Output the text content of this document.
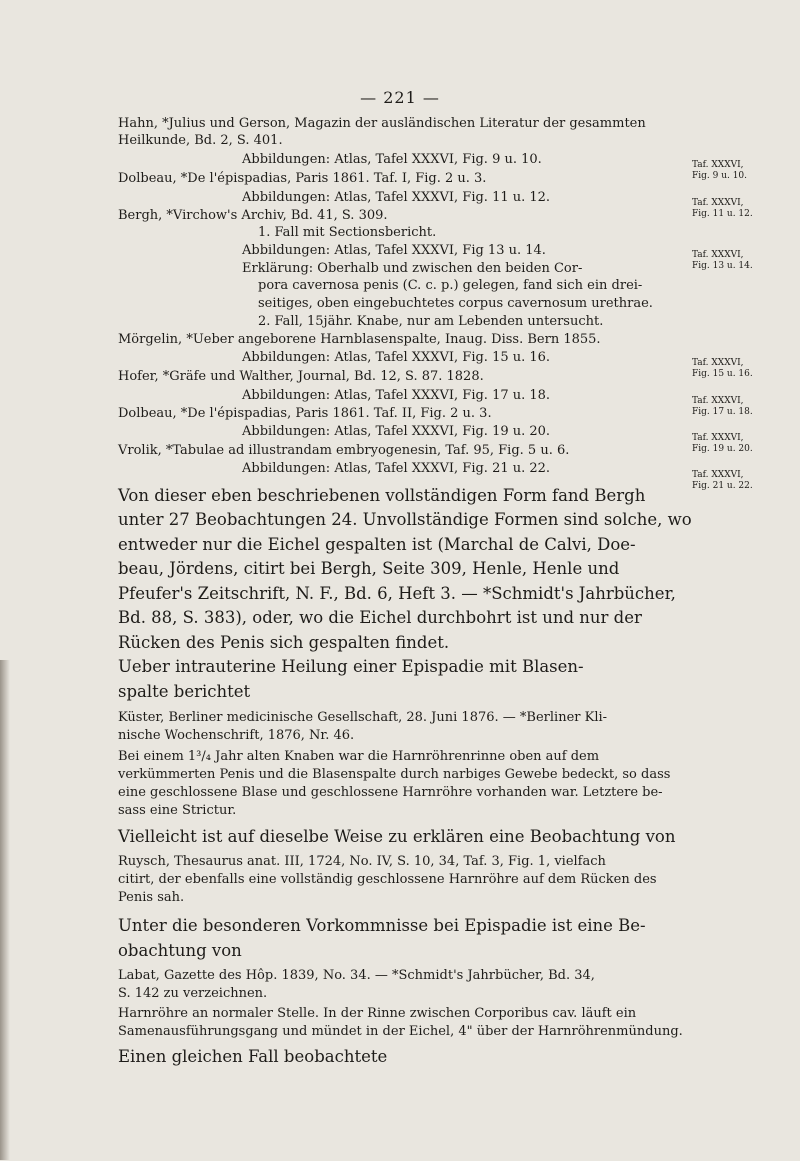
— 221 —
Hahn, *Julius und Gerson, Magazin der ausländischen Literatur der gesammten
Heilkunde, Bd. 2, S. 401.
Abbildungen: Atlas, Tafel XXXVI, Fig. 9 u. 10.
Dolbeau, *De l'épispadias, Paris 1861. Taf. I, Fig. 2 u. 3.
Abbildungen: Atlas, Tafel XXXVI, Fig. 11 u. 12.
Bergh, *Virchow's Archiv, Bd. 41, S. 309.
1. Fall mit Sectionsbericht.
Abbildungen: Atlas, Tafel XXXVI, Fig 13 u. 14.
Erklärung: Oberhalb und zwischen den beiden Cor-
pora cavernosa penis (C. c. p.) gelegen, fand sich ein drei-
seitiges, oben eingebuchtetes corpus cavernosum urethrae.
2. Fall, 15jähr. Knabe, nur am Lebenden untersucht.
Mörgelin, *Ueber angeborene Harnblasenspalte, Inaug. Diss. Bern 1855.
Abbildungen: Atlas, Tafel XXXVI, Fig. 15 u. 16.
Hofer, *Gräfe und Walther, Journal, Bd. 12, S. 87. 1828.
Abbildungen: Atlas, Tafel XXXVI, Fig. 17 u. 18.
Dolbeau, *De l'épispadias, Paris 1861. Taf. II, Fig. 2 u. 3.
Abbildungen: Atlas, Tafel XXXVI, Fig. 19 u. 20.
Vrolik, *Tabulae ad illustrandam embryogenesin, Taf. 95, Fig. 5 u. 6.
Abbildungen: Atlas, Tafel XXXVI, Fig. 21 u. 22.
Von dieser eben beschriebenen vollständigen Form fand Bergh
unter 27 Beobachtungen 24. Unvollständige Formen sind solche, wo
entweder nur die Eichel gespalten ist (Marchal de Calvi, Doe-
beau, Jördens, citirt bei Bergh, Seite 309, Henle, Henle und
Pfeufer's Zeitschrift, N. F., Bd. 6, Heft 3. — *Schmidt's Jahrbücher,
Bd. 88, S. 383), oder, wo die Eichel durchbohrt ist und nur der
Rücken des Penis sich gespalten findet.
Ueber intrauterine Heilung einer Epispadie mit Blasen-
spalte berichtet
Küster, Berliner medicinische Gesellschaft, 28. Juni 1876. — *Berliner Kli-
nische Wochenschrift, 1876, Nr. 46.
Bei einem 1³/₄ Jahr alten Knaben war die Harnröhrenrinne oben auf dem
verkümmerten Penis und die Blasenspalte durch narbiges Gewebe bedeckt, so dass
eine geschlossene Blase und geschlossene Harnröhre vorhanden war. Letztere be-
sass eine Strictur.
Vielleicht ist auf dieselbe Weise zu erklären eine Beobachtung von
Ruysch, Thesaurus anat. III, 1724, No. IV, S. 10, 34, Taf. 3, Fig. 1, vielfach
citirt, der ebenfalls eine vollständig geschlossene Harnröhre auf dem Rücken des
Penis sah.
Unter die besonderen Vorkommnisse bei Epispadie ist eine Be-
obachtung von
Labat, Gazette des Hôp. 1839, No. 34. — *Schmidt's Jahrbücher, Bd. 34,
S. 142 zu verzeichnen.
Harnröhre an normaler Stelle. In der Rinne zwischen Corporibus cav. läuft ein
Samenausführungsgang und mündet in der Eichel, 4" über der Harnröhrenmündung.
Einen gleichen Fall beobachtete
Taf. XXXVI,
Fig. 9 u. 10.
Taf. XXXVI,
Fig. 11 u. 12.
Taf. XXXVI,
Fig. 13 u. 14.
Taf. XXXVI,
Fig. 15 u. 16.
Taf. XXXVI,
Fig. 17 u. 18.
Taf. XXXVI,
Fig. 19 u. 20.
Taf. XXXVI,
Fig. 21 u. 22.
